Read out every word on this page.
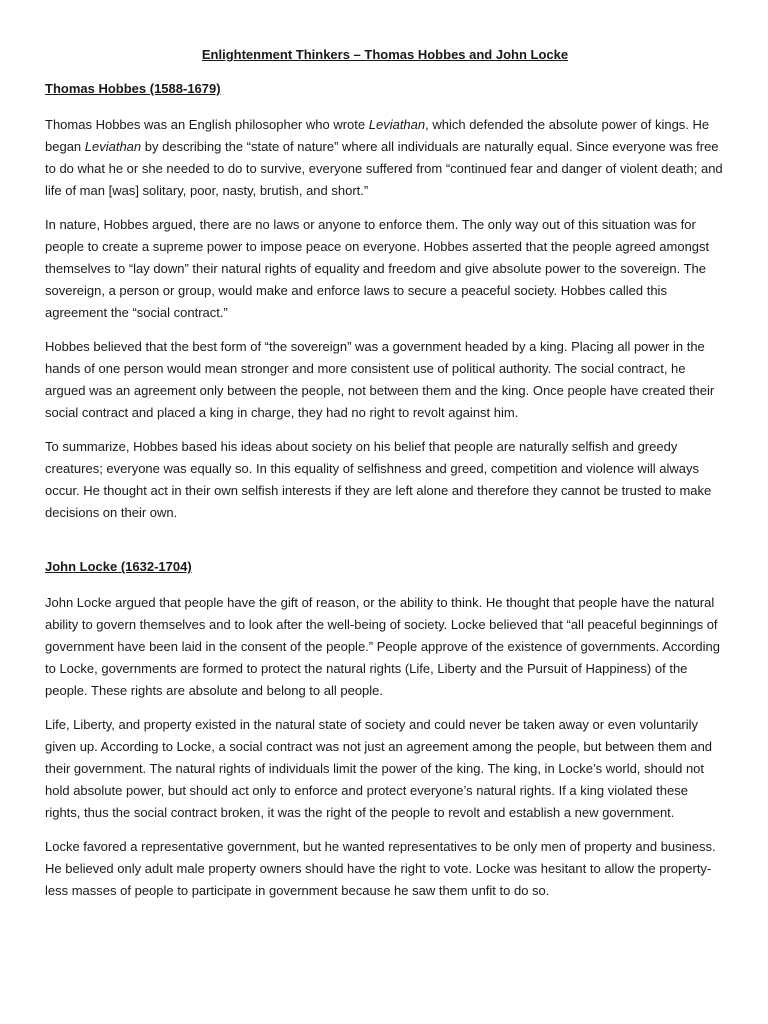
Enlightenment Thinkers – Thomas Hobbes and John Locke
Thomas Hobbes (1588-1679)

Thomas Hobbes was an English philosopher who wrote Leviathan, which defended the absolute power of kings. He began Leviathan by describing the “state of nature” where all individuals are naturally equal. Since everyone was free to do what he or she needed to do to survive, everyone suffered from “continued fear and danger of violent death; and life of man [was] solitary, poor, nasty, brutish, and short.”

In nature, Hobbes argued, there are no laws or anyone to enforce them. The only way out of this situation was for people to create a supreme power to impose peace on everyone. Hobbes asserted that the people agreed amongst themselves to “lay down” their natural rights of equality and freedom and give absolute power to the sovereign. The sovereign, a person or group, would make and enforce laws to secure a peaceful society. Hobbes called this agreement the “social contract.”

Hobbes believed that the best form of “the sovereign” was a government headed by a king. Placing all power in the hands of one person would mean stronger and more consistent use of political authority. The social contract, he argued was an agreement only between the people, not between them and the king. Once people have created their social contract and placed a king in charge, they had no right to revolt against him.

To summarize, Hobbes based his ideas about society on his belief that people are naturally selfish and greedy creatures; everyone was equally so. In this equality of selfishness and greed, competition and violence will always occur. He thought act in their own selfish interests if they are left alone and therefore they cannot be trusted to make decisions on their own.

John Locke (1632-1704)

John Locke argued that people have the gift of reason, or the ability to think. He thought that people have the natural ability to govern themselves and to look after the well-being of society. Locke believed that “all peaceful beginnings of government have been laid in the consent of the people.” People approve of the existence of governments. According to Locke, governments are formed to protect the natural rights (Life, Liberty and the Pursuit of Happiness) of the people. These rights are absolute and belong to all people.

Life, Liberty, and property existed in the natural state of society and could never be taken away or even voluntarily given up. According to Locke, a social contract was not just an agreement among the people, but between them and their government. The natural rights of individuals limit the power of the king. The king, in Locke’s world, should not hold absolute power, but should act only to enforce and protect everyone’s natural rights. If a king violated these rights, thus the social contract broken, it was the right of the people to revolt and establish a new government.

Locke favored a representative government, but he wanted representatives to be only men of property and business. He believed only adult male property owners should have the right to vote. Locke was hesitant to allow the property-less masses of people to participate in government because he saw them unfit to do so.
